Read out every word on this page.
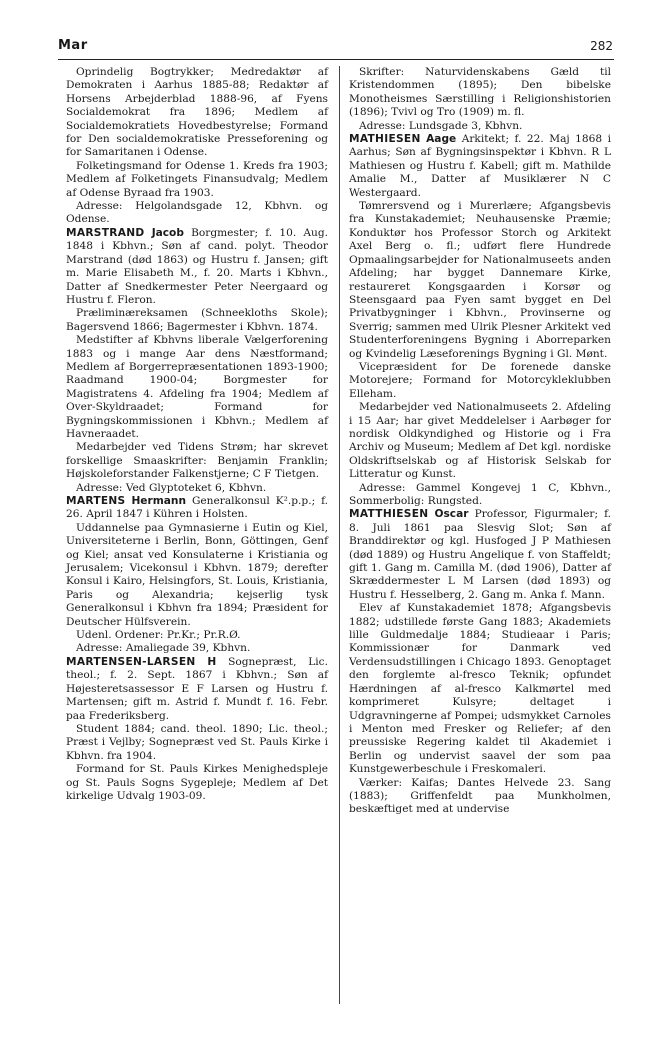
Mar	282

Oprindelig Bogtrykker; Medredaktør af Demokraten i Aarhus 1885-88; Redaktør af Horsens Arbejderblad 1888-96, af Fyens Socialdemokrat fra 1896; Medlem af Socialdemokratiets Hovedbestyrelse; Formand for Den socialdemokratiske Presseforening og for Samaritanen i Odense.

Folketingsmand for Odense 1. Kreds fra 1903; Medlem af Folketingets Finansudvalg; Medlem af Odense Byraad fra 1903.

Adresse: Helgolandsgade 12, Kbhvn. og Odense.

MARSTRAND Jacob Borgmester; f. 10. Aug. 1848 i Kbhvn.; Søn af cand. polyt. Theodor Marstrand (død 1863) og Hustru f. Jansen; gift m. Marie Elisabeth M., f. 20. Marts i Kbhvn., Datter af Snedkermester Peter Neergaard og Hustru f. Fleron.

Præliminæreksamen (Schneekloths Skole); Bagersvend 1866; Bagermester i Kbhvn. 1874.

Medstifter af Kbhvns liberale Vælgerforening 1883 og i mange Aar dens Næstformand; Medlem af Borgerrepræsentationen 1893-1900; Raadmand 1900-04; Borgmester for Magistratens 4. Afdeling fra 1904; Medlem af Over-Skyldraadet; Formand for Bygningskommissionen i Kbhvn.; Medlem af Havneraadet.

Medarbejder ved Tidens Strøm; har skrevet forskellige Smaaskrifter: Benjamin Franklin; Højskoleforstander Falkenstjerne; C F Tietgen.

Adresse: Ved Glyptoteket 6, Kbhvn.

MARTENS Hermann Generalkonsul K².p.p.; f. 26. April 1847 i Kühren i Holsten.

Uddannelse paa Gymnasierne i Eutin og Kiel, Universiteterne i Berlin, Bonn, Göttingen, Genf og Kiel; ansat ved Konsulaterne i Kristiania og Jerusalem; Vicekonsul i Kbhvn. 1879; derefter Konsul i Kairo, Helsingfors, St. Louis, Kristiania, Paris og Alexandria; kejserlig tysk Generalkonsul i Kbhvn fra 1894; Præsident for Deutscher Hülfsverein.

Udenl. Ordener: Pr.Kr.; Pr.R.Ø.

Adresse: Amaliegade 39, Kbhvn.

MARTENSEN-LARSEN H Sognepræst, Lic. theol.; f. 2. Sept. 1867 i Kbhvn.; Søn af Højesteretsassessor E F Larsen og Hustru f. Martensen; gift m. Astrid f. Mundt f. 16. Febr. paa Frederiksberg.

Student 1884; cand. theol. 1890; Lic. theol.; Præst i Vejlby; Sognepræst ved St. Pauls Kirke i Kbhvn. fra 1904.

Formand for St. Pauls Kirkes Menighedspleje og St. Pauls Sogns Sygepleje; Medlem af Det kirkelige Udvalg 1903-09.

Skrifter: Naturvidenskabens Gæld til Kristendommen (1895); Den bibelske Monotheismes Særstilling i Religionshistorien (1896); Tvivl og Tro (1909) m. fl.

Adresse: Lundsgade 3, Kbhvn.

MATHIESEN Aage Arkitekt; f. 22. Maj 1868 i Aarhus; Søn af Bygningsinspektør i Kbhvn. R L Mathiesen og Hustru f. Kabell; gift m. Mathilde Amalie M., Datter af Musiklærer N C Westergaard.

Tømrersvend og i Murerlære; Afgangsbevis fra Kunstakademiet; Neuhausenske Præmie; Konduktør hos Professor Storch og Arkitekt Axel Berg o. fl.; udført flere Hundrede Opmaalingsarbejder for Nationalmuseets anden Afdeling; har bygget Dannemare Kirke, restaureret Kongsgaarden i Korsør og Steensgaard paa Fyen samt bygget en Del Privatbygninger i Kbhvn., Provinserne og Sverrig; sammen med Ulrik Plesner Arkitekt ved Studenterforeningens Bygning i Aborreparken og Kvindelig Læseforenings Bygning i Gl. Mønt.

Vicepræsident for De forenede danske Motorejere; Formand for Motorcykleklubben Elleham.

Medarbejder ved Nationalmuseets 2. Afdeling i 15 Aar; har givet Meddelelser i Aarbøger for nordisk Oldkyndighed og Historie og i Fra Archiv og Museum; Medlem af Det kgl. nordiske Oldskriftselskab og af Historisk Selskab for Litteratur og Kunst.

Adresse: Gammel Kongevej 1 C, Kbhvn., Sommerbolig: Rungsted.

MATTHIESEN Oscar Professor, Figurmaler; f. 8. Juli 1861 paa Slesvig Slot; Søn af Branddirektør og kgl. Husfoged J P Mathiesen (død 1889) og Hustru Angelique f. von Staffeldt; gift 1. Gang m. Camilla M. (død 1906), Datter af Skræddermester L M Larsen (død 1893) og Hustru f. Hesselberg, 2. Gang m. Anka f. Mann.

Elev af Kunstakademiet 1878; Afgangsbevis 1882; udstillede første Gang 1883; Akademiets lille Guldmedalje 1884; Studieaar i Paris; Kommissionær for Danmark ved Verdensudstillingen i Chicago 1893. Genoptaget den forglemte al-fresco Teknik; opfundet Hærdningen af al-fresco Kalkmørtel med komprimeret Kulsyre; deltaget i Udgravningerne af Pompei; udsmykket Carnoles i Menton med Fresker og Reliefer; af den preussiske Regering kaldet til Akademiet i Berlin og undervist saavel der som paa Kunstgewerbeschule i Freskomaleri.

Værker: Kaifas; Dantes Helvede 23. Sang (1883); Griffenfeldt paa Munkholmen, beskæftiget med at undervise
